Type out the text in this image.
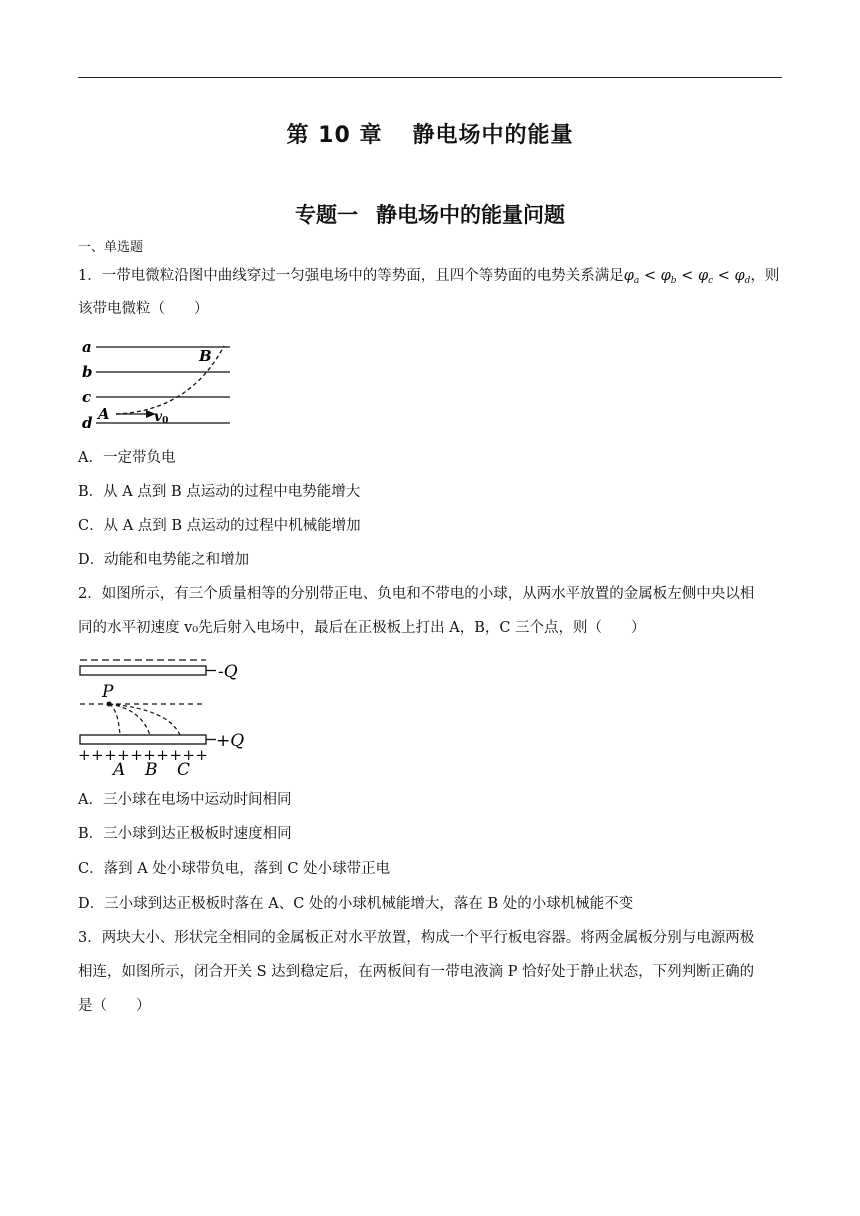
第 10 章 静电场中的能量
专题一 静电场中的能量问题
一、单选题
1．一带电微粒沿图中曲线穿过一匀强电场中的等势面，且四个等势面的电势关系满足$\varphi_a < \varphi_b < \varphi_c < \varphi_d$，则
该带电微粒（　　）
a
b
c
d A
B
v0
A．一定带负电
B．从 A 点到 B 点运动的过程中电势能增大
C．从 A 点到 B 点运动的过程中机械能增加
D．动能和电势能之和增加
2．如图所示，有三个质量相等的分别带正电、负电和不带电的小球，从两水平放置的金属板左侧中央以相
同的水平初速度 v₀先后射入电场中，最后在正极板上打出 A，B，C 三个点，则（　　）
-Q
P
+Q
++++++++++
A B C
A．三小球在电场中运动时间相同
B．三小球到达正极板时速度相同
C．落到 A 处小球带负电，落到 C 处小球带正电
D．三小球到达正极板时落在 A、C 处的小球机械能增大，落在 B 处的小球机械能不变
3．两块大小、形状完全相同的金属板正对水平放置，构成一个平行板电容器。将两金属板分别与电源两极
相连，如图所示，闭合开关 S 达到稳定后，在两板间有一带电液滴 P 恰好处于静止状态，下列判断正确的
是（　　）
